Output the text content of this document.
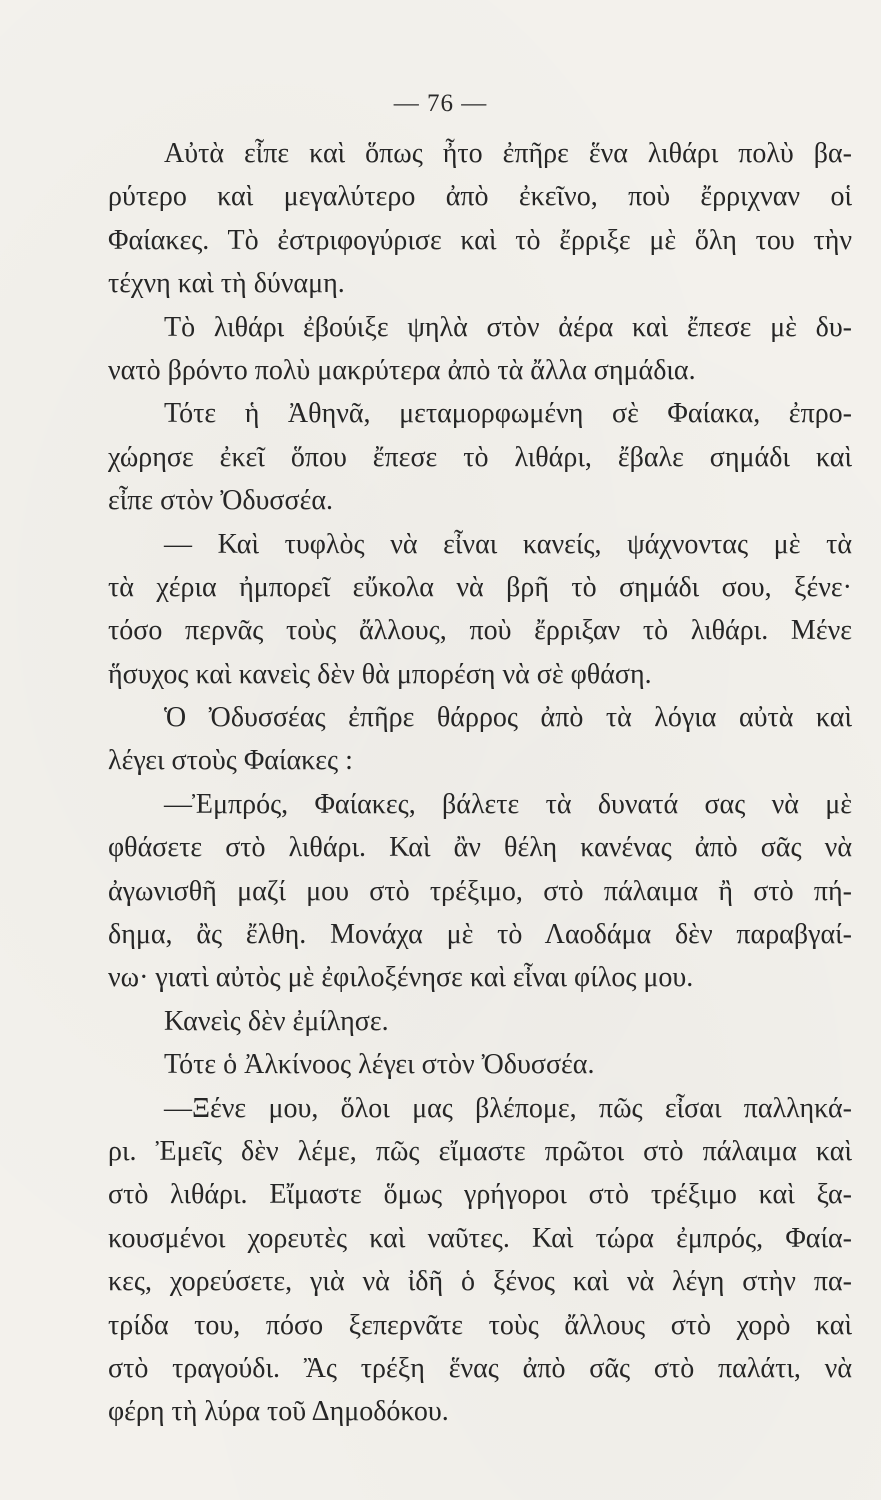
— 76 —
Αὐτὰ εἶπε καὶ ὅπως ἦτο ἐπῆρε ἕνα λιθάρι πολὺ βα-
ρύτερο καὶ μεγαλύτερο ἀπὸ ἐκεῖνο, ποὺ ἔρριχναν οἱ
Φαίακες. Τὸ ἐστριφογύρισε καὶ τὸ ἔρριξε μὲ ὅλη του τὴν
τέχνη καὶ τὴ δύναμη.
Τὸ λιθάρι ἐβούιξε ψηλὰ στὸν ἀέρα καὶ ἔπεσε μὲ δυ-
νατὸ βρόντο πολὺ μακρύτερα ἀπὸ τὰ ἄλλα σημάδια.
Τότε ἡ Ἀθηνᾶ, μεταμορφωμένη σὲ Φαίακα, ἐπρο-
χώρησε ἐκεῖ ὅπου ἔπεσε τὸ λιθάρι, ἔβαλε σημάδι καὶ
εἶπε στὸν Ὀδυσσέα.
— Καὶ τυφλὸς νὰ εἶναι κανείς, ψάχνοντας μὲ τὰ
τὰ χέρια ἠμπορεῖ εὔκολα νὰ βρῆ τὸ σημάδι σου, ξένε·
τόσο περνᾶς τοὺς ἄλλους, ποὺ ἔρριξαν τὸ λιθάρι. Μένε
ἥσυχος καὶ κανεὶς δὲν θὰ μπορέση νὰ σὲ φθάση.
Ὁ Ὀδυσσέας ἐπῆρε θάρρος ἀπὸ τὰ λόγια αὐτὰ καὶ
λέγει στοὺς Φαίακες :
—Ἐμπρός, Φαίακες, βάλετε τὰ δυνατά σας νὰ μὲ
φθάσετε στὸ λιθάρι. Καὶ ἂν θέλη κανένας ἀπὸ σᾶς νὰ
ἀγωνισθῆ μαζί μου στὸ τρέξιμο, στὸ πάλαιμα ἢ στὸ πή-
δημα, ἂς ἔλθη. Μονάχα μὲ τὸ Λαοδάμα δὲν παραβγαί-
νω· γιατὶ αὐτὸς μὲ ἐφιλοξένησε καὶ εἶναι φίλος μου.
Κανεὶς δὲν ἐμίλησε.
Τότε ὁ Ἀλκίνοος λέγει στὸν Ὀδυσσέα.
—Ξένε μου, ὅλοι μας βλέπομε, πῶς εἶσαι παλληκά-
ρι. Ἐμεῖς δὲν λέμε, πῶς εἴμαστε πρῶτοι στὸ πάλαιμα καὶ
στὸ λιθάρι. Εἴμαστε ὅμως γρήγοροι στὸ τρέξιμο καὶ ξα-
κουσμένοι χορευτὲς καὶ ναῦτες. Καὶ τώρα ἐμπρός, Φαία-
κες, χορεύσετε, γιὰ νὰ ἰδῆ ὁ ξένος καὶ νὰ λέγη στὴν πα-
τρίδα του, πόσο ξεπερνᾶτε τοὺς ἄλλους στὸ χορὸ καὶ
στὸ τραγούδι. Ἂς τρέξη ἕνας ἀπὸ σᾶς στὸ παλάτι, νὰ
φέρη τὴ λύρα τοῦ Δημοδόκου.
